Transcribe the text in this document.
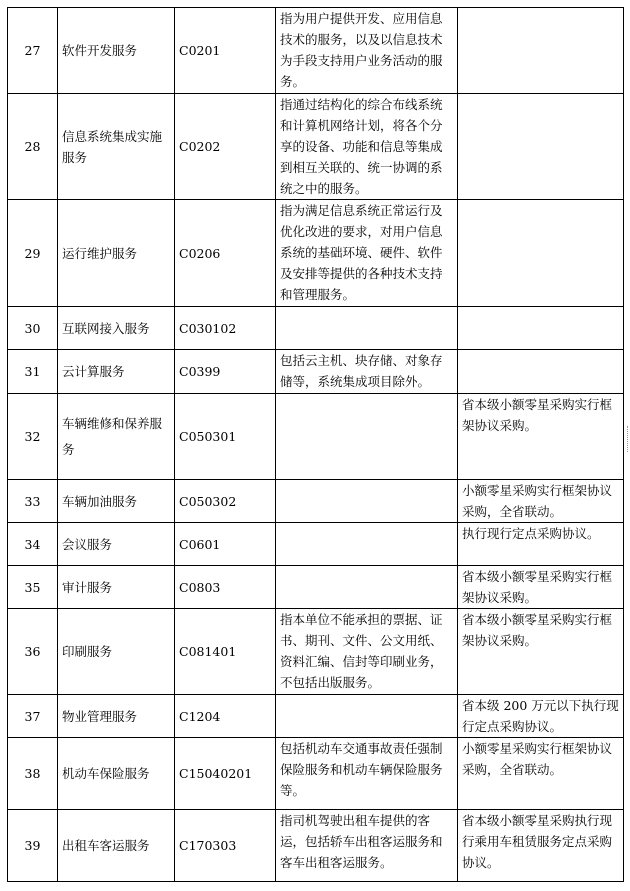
27	软件开发服务	C0201	指为用户提供开发、应用信息技术的服务，以及以信息技术为手段支持用户业务活动的服务。	
28	信息系统集成实施服务	C0202	指通过结构化的综合布线系统和计算机网络计划，将各个分享的设备、功能和信息等集成到相互关联的、统一协调的系统之中的服务。	
29	运行维护服务	C0206	指为满足信息系统正常运行及优化改进的要求，对用户信息系统的基础环境、硬件、软件及安排等提供的各种技术支持和管理服务。	
30	互联网接入服务	C030102		
31	云计算服务	C0399	包括云主机、块存储、对象存储等，系统集成项目除外。	
32	车辆维修和保养服务	C050301		省本级小额零星采购实行框架协议采购。
33	车辆加油服务	C050302		小额零星采购实行框架协议采购，全省联动。
34	会议服务	C0601		执行现行定点采购协议。
35	审计服务	C0803		省本级小额零星采购实行框架协议采购。
36	印刷服务	C081401	指本单位不能承担的票据、证书、期刊、文件、公文用纸、资料汇编、信封等印刷业务，不包括出版服务。	省本级小额零星采购实行框架协议采购。
37	物业管理服务	C1204		省本级 200 万元以下执行现行定点采购协议。
38	机动车保险服务	C15040201	包括机动车交通事故责任强制保险服务和机动车辆保险服务等。	小额零星采购实行框架协议采购，全省联动。
39	出租车客运服务	C170303	指司机驾驶出租车提供的客运，包括轿车出租客运服务和客车出租客运服务。	省本级小额零星采购执行现行乘用车租赁服务定点采购协议。
